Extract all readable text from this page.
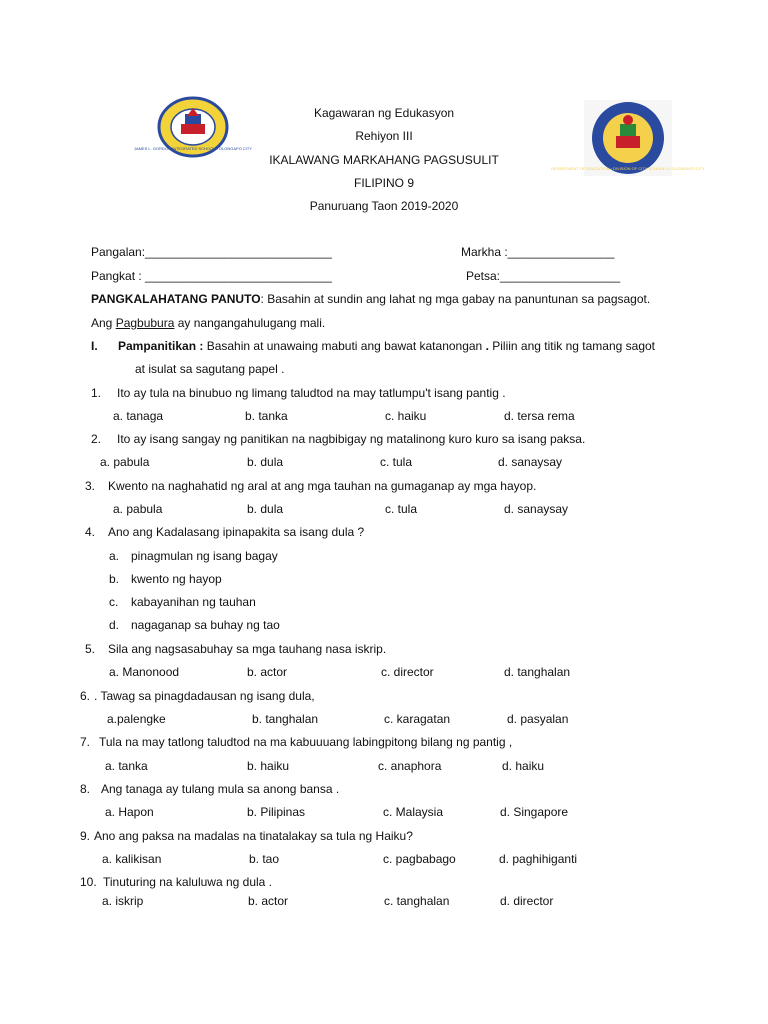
JAMES L. GORDON INTEGRATED SCHOOL • OLONGAPO CITY
DEPARTMENT OF EDUCATION • DIVISION OF CITY SCHOOLS • OLONGAPO CITY
Kagawaran ng Edukasyon
Rehiyon III
IKALAWANG MARKAHANG PAGSUSULIT
FILIPINO 9
Panuruang Taon 2019-2020
Pangalan:____________________________	Markha :________________
Pangkat : ____________________________	Petsa:__________________
PANGKALAHATANG PANUTO: Basahin at sundin ang lahat ng mga gabay na panuntunan sa pagsagot.
Ang Pagbubura ay nangangahulugang mali.
I. Pampanitikan : Basahin at unawaing mabuti ang bawat katanongan . Piliin ang titik ng tamang sagot
at isulat sa sagutang papel .
1. Ito ay tula na binubuo ng limang taludtod na may tatlumpu't isang pantig .
a. tanaga	b. tanka	c. haiku	d. tersa rema
2. Ito ay isang sangay ng panitikan na nagbibigay ng matalinong kuro kuro sa isang paksa.
a. pabula	b. dula	c. tula	d. sanaysay
3. Kwento na naghahatid ng aral at ang mga tauhan na gumaganap ay mga hayop.
a. pabula	b. dula	c. tula	d. sanaysay
4. Ano ang Kadalasang ipinapakita sa isang dula ?
a. pinagmulan ng isang bagay
b. kwento ng hayop
c. kabayanihan ng tauhan
d. nagaganap sa buhay ng tao
5. Sila ang nagsasabuhay sa mga tauhang nasa iskrip.
a. Manonood	b. actor	c. director	d. tanghalan
6. . Tawag sa pinagdadausan ng isang dula,
a.palengke	b. tanghalan	c. karagatan	d. pasyalan
7. Tula na may tatlong taludtod na ma kabuuuang labingpitong bilang ng pantig ,
a. tanka	b. haiku	c. anaphora	d. haiku
8. Ang tanaga ay tulang mula sa anong bansa .
a. Hapon	b. Pilipinas	c. Malaysia	d. Singapore
9. Ano ang paksa na madalas na tinatalakay sa tula ng Haiku?
a. kalikisan	b. tao	c. pagbabago	d. paghihiganti
10. Tinuturing na kaluluwa ng dula .
a. iskrip	b. actor	c. tanghalan	d. director
